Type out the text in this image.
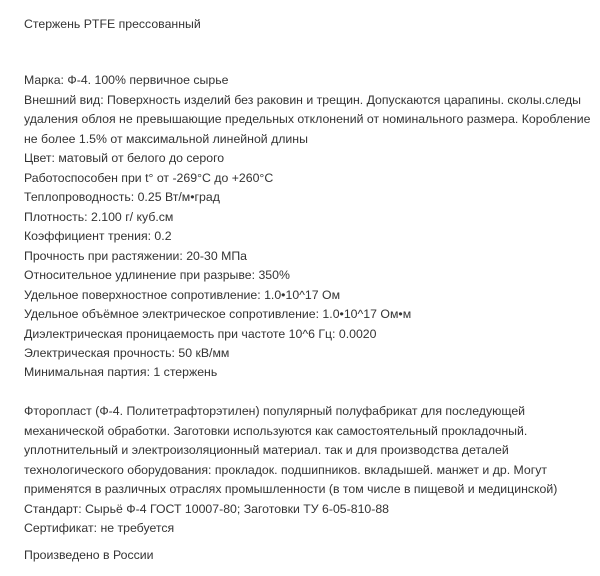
Стержень PTFE прессованный
Марка: Ф-4. 100% первичное сырье
Внешний вид: Поверхность изделий без раковин и трещин. Допускаются царапины. сколы.следы
удаления облоя не превышающие предельных отклонений от номинального размера. Коробление
не более 1.5% от максимальной линейной длины
Цвет: матовый от белого до серого
Работоспособен при t° от -269°С до +260°С
Теплопроводность: 0.25 Вт/м•град
Плотность: 2.100 г/ куб.см
Коэффициент трения: 0.2
Прочность при растяжении: 20-30 МПа
Относительное удлинение при разрыве: 350%
Удельное поверхностное сопротивление: 1.0•10^17 Ом
Удельное объёмное электрическое сопротивление: 1.0•10^17 Ом•м
Диэлектрическая проницаемость при частоте 10^6 Гц: 0.0020
Электрическая прочность: 50 кВ/мм
Минимальная партия: 1 стержень
Фторопласт (Ф-4. Политетрафторэтилен) популярный полуфабрикат для последующей
механической обработки. Заготовки используются как самостоятельный прокладочный.
уплотнительный и электроизоляционный материал. так и для производства деталей
технологического оборудования: прокладок. подшипников. вкладышей. манжет и др. Могут
применятся в различных отраслях промышленности (в том числе в пищевой и медицинской)
Стандарт: Сырьё Ф-4 ГОСТ 10007-80; Заготовки ТУ 6-05-810-88
Сертификат: не требуется
Произведено в России
